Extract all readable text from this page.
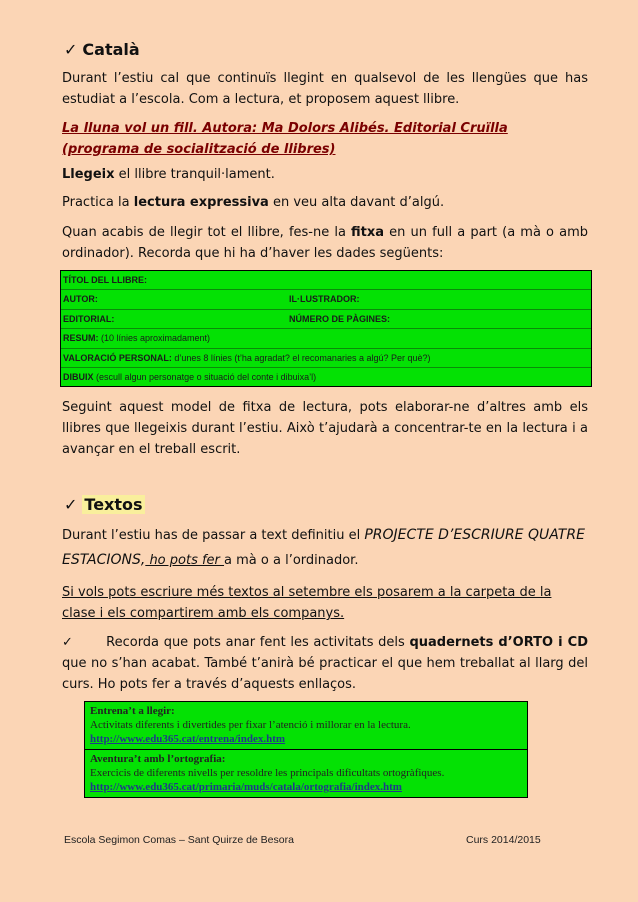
✓ Català
Durant l’estiu cal que continuïs llegint en qualsevol de les llengües que has estudiat a l’escola. Com a lectura, et proposem aquest llibre.
La lluna vol un fill. Autora: Ma Dolors Alibés. Editorial Cruïlla (programa de socialització de llibres)
Llegeix el llibre tranquil·lament.
Practica la lectura expressiva en veu alta davant d’algú.
Quan acabis de llegir tot el llibre, fes-ne la fitxa en un full a part (a mà o amb ordinador). Recorda que hi ha d’haver les dades següents:
TÍTOL DEL LLIBRE:
AUTOR:	IL·LUSTRADOR:
EDITORIAL:	NÚMERO DE PÀGINES:
RESUM: (10 línies aproximadament)
VALORACIÓ PERSONAL: d’unes 8 línies (t’ha agradat? el recomanaries a algú? Per què?)
DIBUIX (escull algun personatge o situació del conte i dibuixa’l)
Seguint aquest model de fitxa de lectura, pots elaborar-ne d’altres amb els llibres que llegeixis durant l’estiu. Això t’ajudarà a concentrar-te en la lectura i a avançar en el treball escrit.
✓ Textos
Durant l’estiu has de passar a text definitiu el PROJECTE D’ESCRIURE QUATRE ESTACIONS, ho pots fer a mà o a l’ordinador.
Si vols pots escriure més textos al setembre els posarem a la carpeta de la clase i els compartirem amb els companys.
✓	Recorda que pots anar fent les activitats dels quadernets d’ORTO i CD que no s’han acabat. També t’anirà bé practicar el que hem treballat al llarg del curs. Ho pots fer a través d’aquests enllaços.
Entrena’t a llegir:
Activitats diferents i divertides per fixar l’atenció i millorar en la lectura.
http://www.edu365.cat/entrena/index.htm
Aventura’t amb l’ortografia:
Exercicis de diferents nivells per resoldre les principals dificultats ortogràfiques.
http://www.edu365.cat/primaria/muds/catala/ortografia/index.htm
Escola Segimon Comas – Sant Quirze de Besora	Curs 2014/2015
